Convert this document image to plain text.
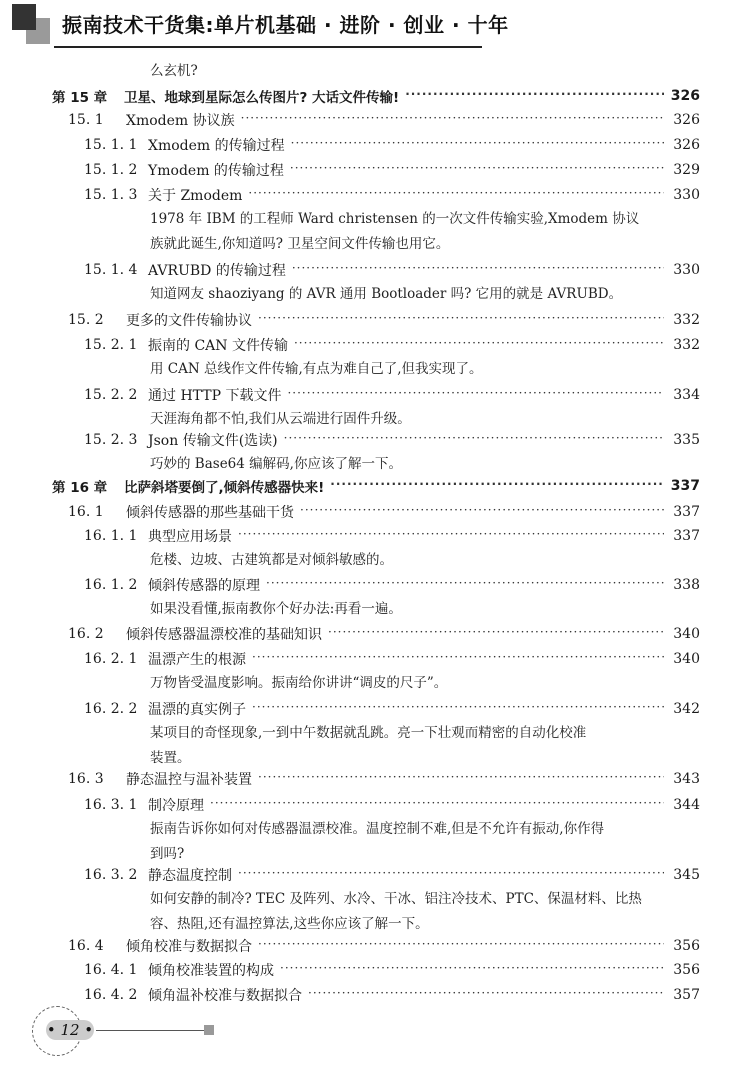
振南技术干货集:单片机基础 · 进阶 · 创业 · 十年
么玄机?
第 15 章	卫星、地球到星际怎么传图片? 大话文件传输! ·····	326
15. 1	Xmodem 协议族 ·····	326
15. 1. 1 Xmodem 的传输过程 ·····	326
15. 1. 2 Ymodem 的传输过程 ·····	329
15. 1. 3 关于 Zmodem ·····	330
1978 年 IBM 的工程师 Ward christensen 的一次文件传输实验,Xmodem 协议
族就此诞生,你知道吗? 卫星空间文件传输也用它。
15. 1. 4 AVRUBD 的传输过程 ·····	330
知道网友 shaoziyang 的 AVR 通用 Bootloader 吗? 它用的就是 AVRUBD。
15. 2	更多的文件传输协议 ·····	332
15. 2. 1 振南的 CAN 文件传输 ·····	332
用 CAN 总线作文件传输,有点为难自己了,但我实现了。
15. 2. 2 通过 HTTP 下载文件 ·····	334
天涯海角都不怕,我们从云端进行固件升级。
15. 2. 3 Json 传输文件(选读) ·····	335
巧妙的 Base64 编解码,你应该了解一下。
第 16 章	比萨斜塔要倒了,倾斜传感器快来! ·····	337
16. 1	倾斜传感器的那些基础干货 ·····	337
16. 1. 1 典型应用场景 ·····	337
危楼、边坡、古建筑都是对倾斜敏感的。
16. 1. 2 倾斜传感器的原理 ·····	338
如果没看懂,振南教你个好办法:再看一遍。
16. 2	倾斜传感器温漂校准的基础知识 ·····	340
16. 2. 1 温漂产生的根源 ·····	340
万物皆受温度影响。振南给你讲讲“调皮的尺子”。
16. 2. 2 温漂的真实例子 ·····	342
某项目的奇怪现象,一到中午数据就乱跳。亮一下壮观而精密的自动化校准
装置。
16. 3	静态温控与温补装置 ·····	343
16. 3. 1 制冷原理 ·····	344
振南告诉你如何对传感器温漂校准。温度控制不难,但是不允许有振动,你作得
到吗?
16. 3. 2 静态温度控制 ·····	345
如何安静的制冷? TEC 及阵列、水冷、干冰、铝注冷技术、PTC、保温材料、比热
容、热阻,还有温控算法,这些你应该了解一下。
16. 4	倾角校准与数据拟合 ·····	356
16. 4. 1 倾角校准装置的构成 ·····	356
16. 4. 2 倾角温补校准与数据拟合 ·····	357
• 12 •
